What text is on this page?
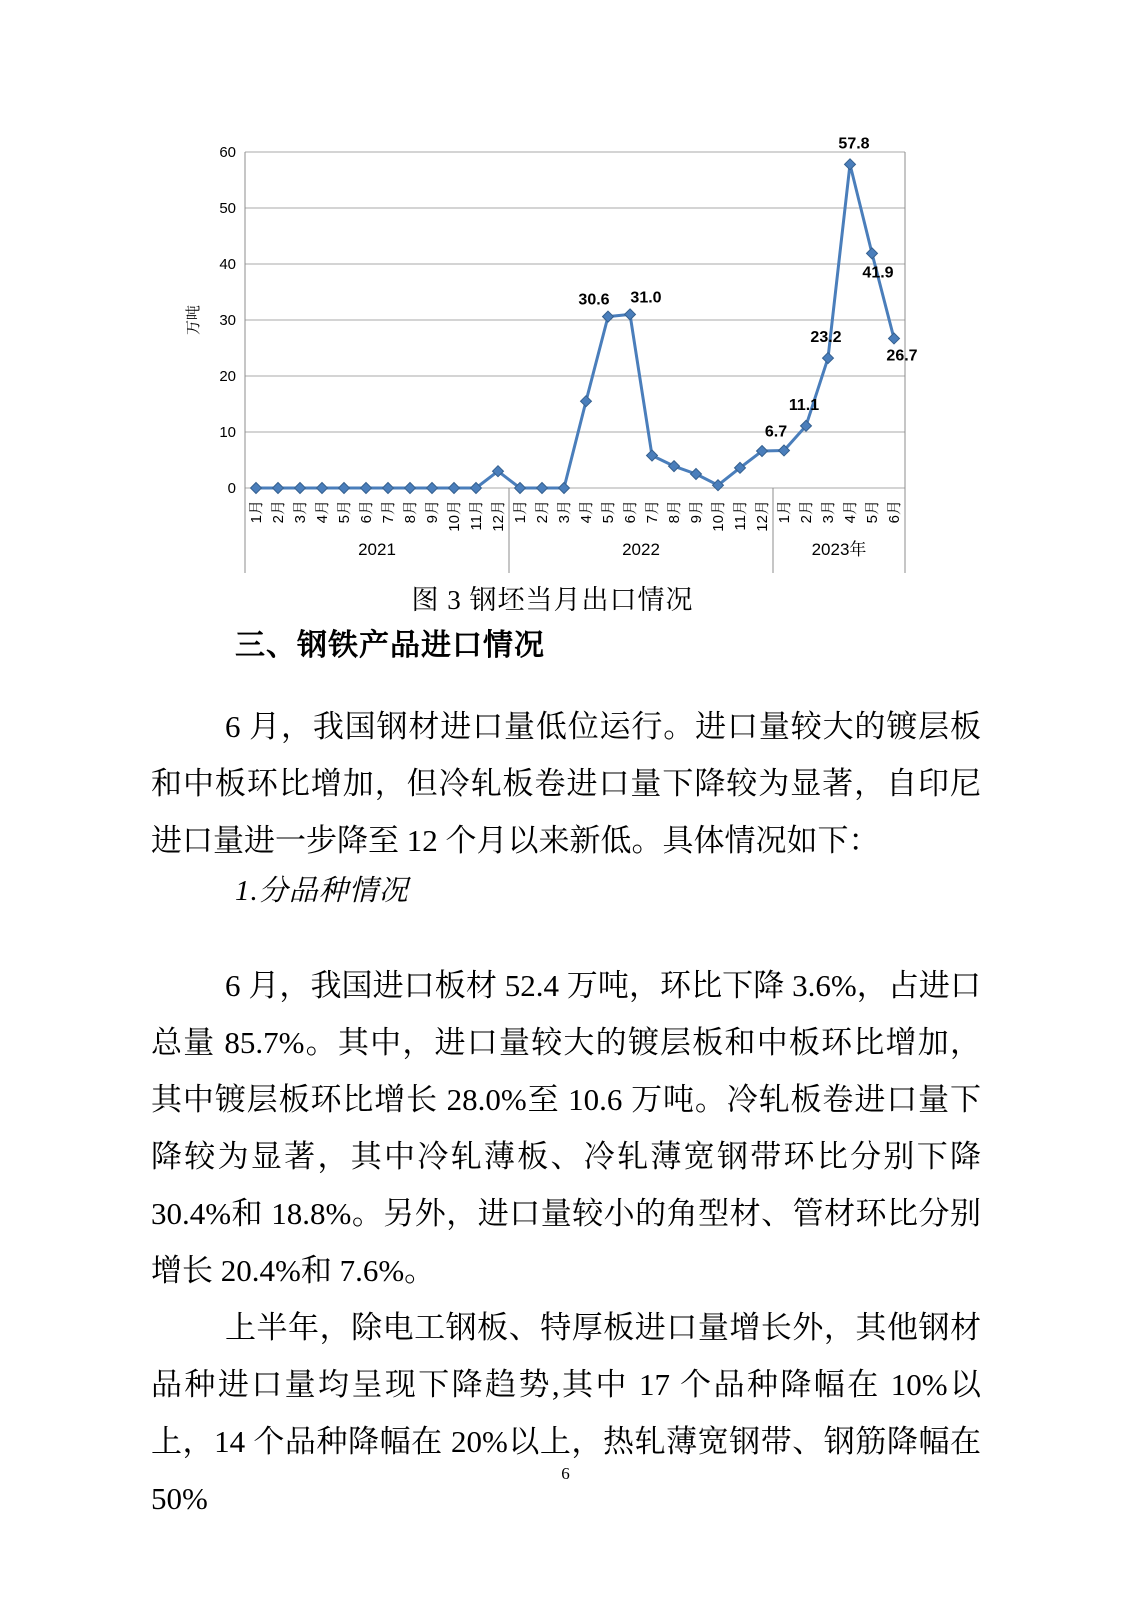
0
10
20
30
40
50
60
万吨
1月 2月 3月 4月 5月 6月 7月 8月 9月 10月 11月 12月 1月 2月 3月 4月 5月 6月 7月 8月 9月 10月 11月 12月 1月 2月 3月 4月 5月 6月
2021	2022	2023年
30.6 31.0
6.7
11.1
23.2
57.8
41.9
26.7
图 3 钢坯当月出口情况
三、钢铁产品进口情况
6 月，我国钢材进口量低位运行。进口量较大的镀层板和中板环比增加，但冷轧板卷进口量下降较为显著，自印尼进口量进一步降至 12 个月以来新低。具体情况如下：
1.分品种情况
6 月，我国进口板材 52.4 万吨，环比下降 3.6%，占进口总量 85.7%。其中，进口量较大的镀层板和中板环比增加，其中镀层板环比增长 28.0%至 10.6 万吨。冷轧板卷进口量下降较为显著，其中冷轧薄板、冷轧薄宽钢带环比分别下降 30.4%和 18.8%。另外，进口量较小的角型材、管材环比分别增长 20.4%和 7.6%。
上半年，除电工钢板、特厚板进口量增长外，其他钢材品种进口量均呈现下降趋势,其中 17 个品种降幅在 10%以上，14 个品种降幅在 20%以上，热轧薄宽钢带、钢筋降幅在 50%
6
